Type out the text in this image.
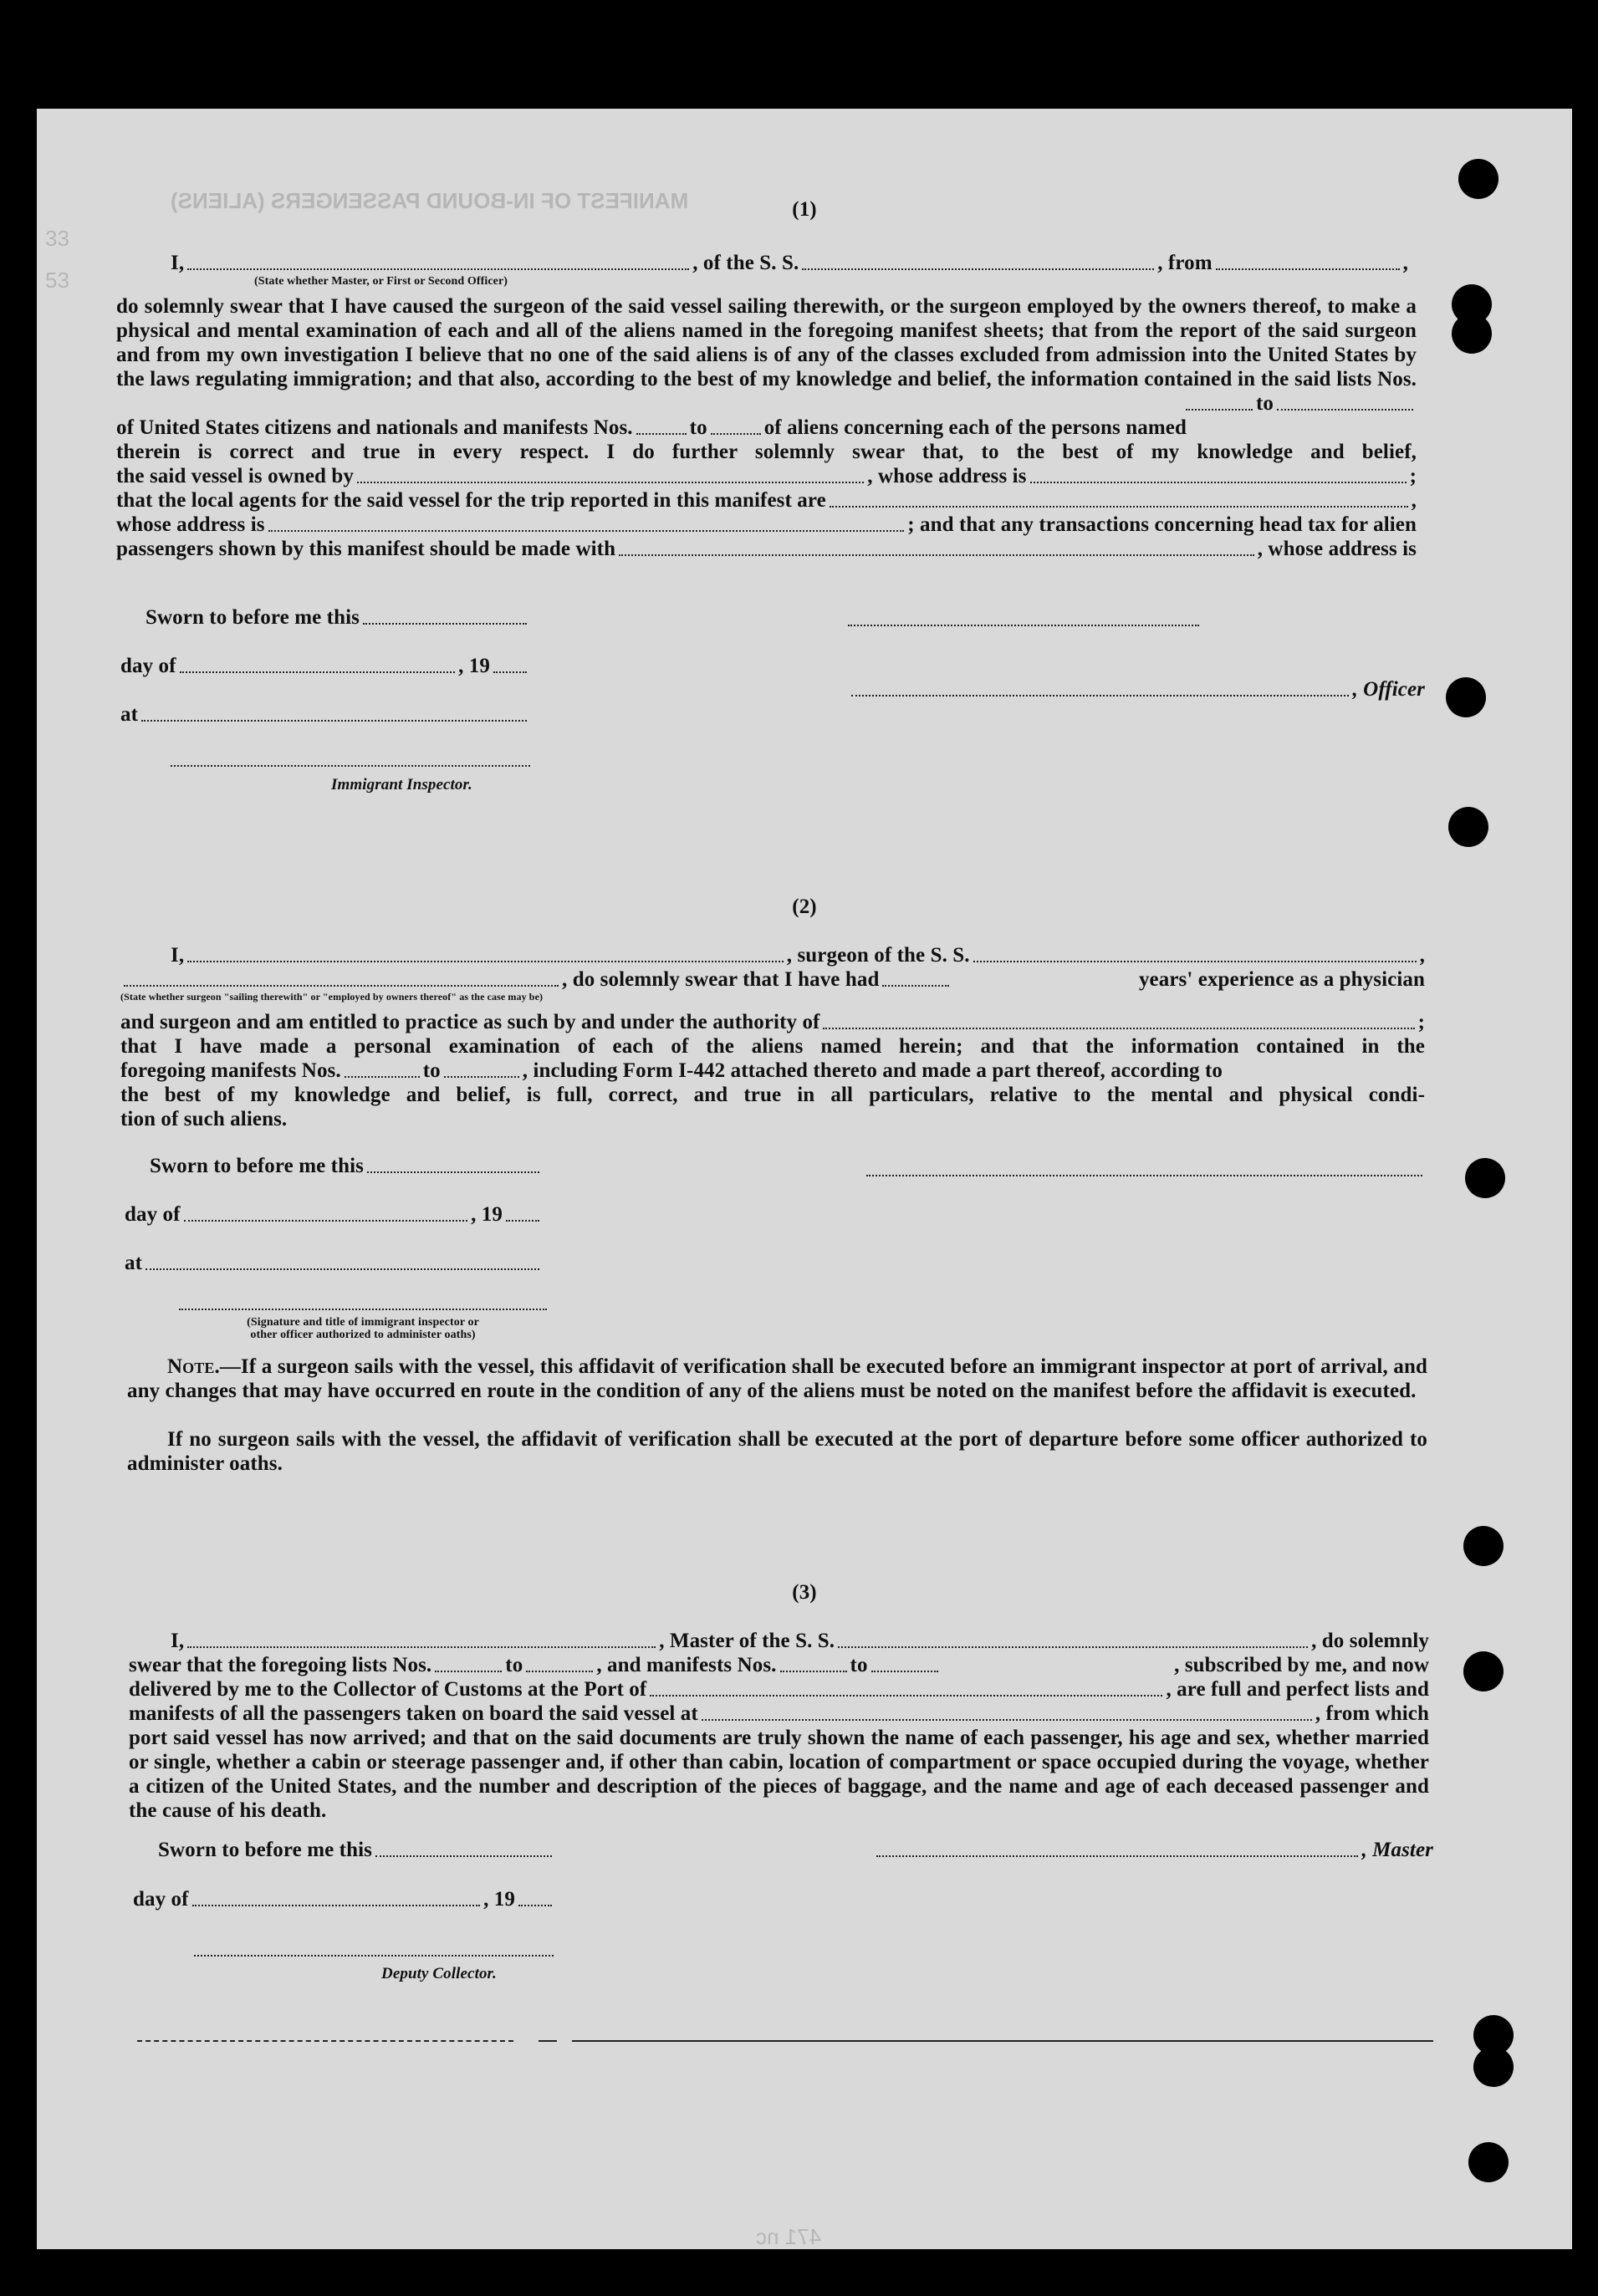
MANIFEST OF IN-BOUND PASSENGERS (ALIENS)
33
53
(1)
I,	, of the S. S.	, from	,
(State whether Master, or First or Second Officer)
do solemnly swear that I have caused the surgeon of the said vessel sailing therewith, or the surgeon employed by the owners thereof, to make a physical and mental examination of each and all of the aliens named in the foregoing manifest sheets; that from the report of the said surgeon and from my own investigation I believe that no one of the said aliens is of any of the classes excluded from admission into the United States by the laws regulating immigration; and that also, according to the best of my knowledge and belief, the information contained in the said lists Nos.
to
of United States citizens and nationals and manifests Nos.	to	of aliens concerning each of the persons named
therein is correct and true in every respect. I do further solemnly swear that, to the best of my knowledge and belief,
the said vessel is owned by	, whose address is	;
that the local agents for the said vessel for the trip reported in this manifest are	,
whose address is	; and that any transactions concerning head tax for alien
passengers shown by this manifest should be made with	, whose address is
Sworn to before me this
day of	, 19
at
, Officer
Immigrant Inspector.
(2)
I,	, surgeon of the S. S.	,
, do solemnly swear that I have had	years' experience as a physician
(State whether surgeon "sailing therewith" or "employed by owners thereof" as the case may be)
and surgeon and am entitled to practice as such by and under the authority of	;
that I have made a personal examination of each of the aliens named herein; and that the information contained in the
foregoing manifests Nos.	to	, including Form I-442 attached thereto and made a part thereof, according to
the best of my knowledge and belief, is full, correct, and true in all particulars, relative to the mental and physical condi-
tion of such aliens.
Sworn to before me this
day of	, 19
at
(Signature and title of immigrant inspector or
other officer authorized to administer oaths)
Note.—If a surgeon sails with the vessel, this affidavit of verification shall be executed before an immigrant inspector at port of arrival, and any changes that may have occurred en route in the condition of any of the aliens must be noted on the manifest before the affidavit is executed.
If no surgeon sails with the vessel, the affidavit of verification shall be executed at the port of departure before some officer authorized to administer oaths.
(3)
I,	, Master of the S. S.	, do solemnly
swear that the foregoing lists Nos.	to	, and manifests Nos.	to	, subscribed by me, and now
delivered by me to the Collector of Customs at the Port of	, are full and perfect lists and
manifests of all the passengers taken on board the said vessel at	, from which
port said vessel has now arrived; and that on the said documents are truly shown the name of each passenger, his age and sex, whether married or single, whether a cabin or steerage passenger and, if other than cabin, location of compartment or space occupied during the voyage, whether a citizen of the United States, and the number and description of the pieces of baggage, and the name and age of each deceased passenger and the cause of his death.
Sworn to before me this	, Master
day of	, 19
Deputy Collector.
471 nc
